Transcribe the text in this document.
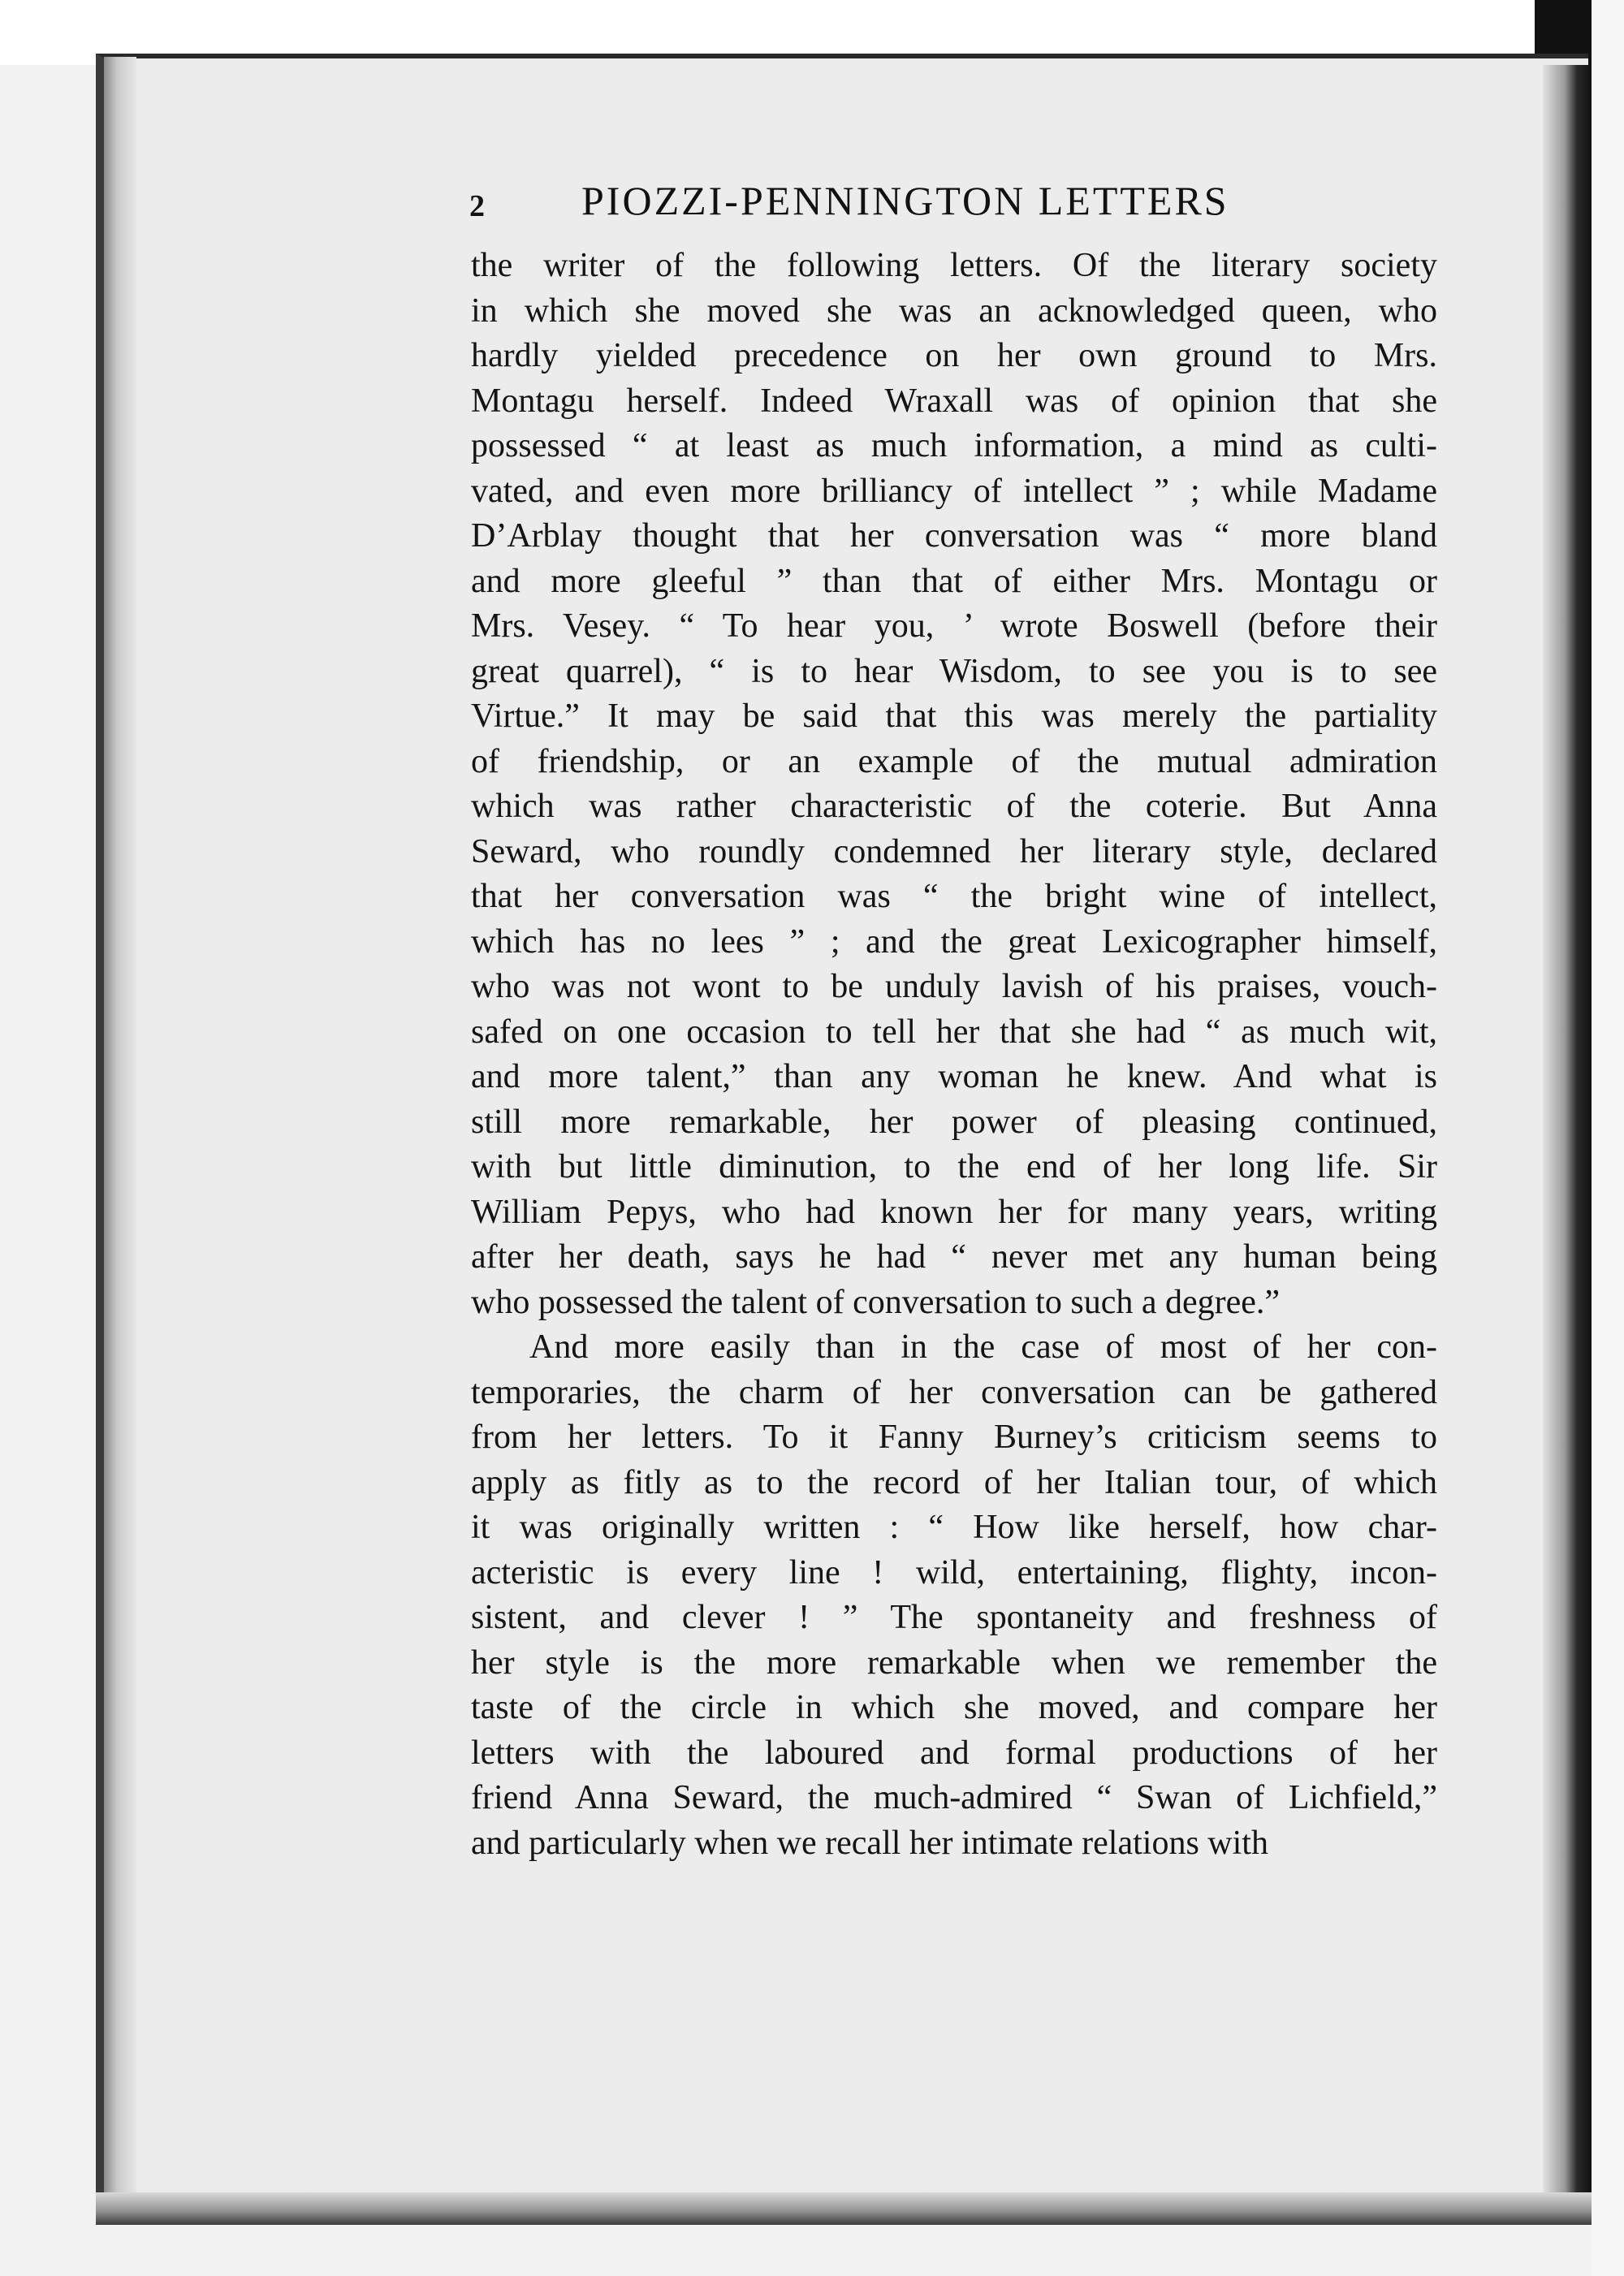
2 PIOZZI-PENNINGTON LETTERS
the writer of the following letters. Of the literary society
in which she moved she was an acknowledged queen, who
hardly yielded precedence on her own ground to Mrs.
Montagu herself. Indeed Wraxall was of opinion that she
possessed “ at least as much information, a mind as culti-
vated, and even more brilliancy of intellect ” ; while Madame
D’Arblay thought that her conversation was “ more bland
and more gleeful ” than that of either Mrs. Montagu or
Mrs. Vesey. “ To hear you, ’ wrote Boswell (before their
great quarrel), “ is to hear Wisdom, to see you is to see
Virtue.” It may be said that this was merely the partiality
of friendship, or an example of the mutual admiration
which was rather characteristic of the coterie. But Anna
Seward, who roundly condemned her literary style, declared
that her conversation was “ the bright wine of intellect,
which has no lees ” ; and the great Lexicographer himself,
who was not wont to be unduly lavish of his praises, vouch-
safed on one occasion to tell her that she had “ as much wit,
and more talent,” than any woman he knew. And what is
still more remarkable, her power of pleasing continued,
with but little diminution, to the end of her long life. Sir
William Pepys, who had known her for many years, writing
after her death, says he had “ never met any human being
who possessed the talent of conversation to such a degree.”
And more easily than in the case of most of her con-
temporaries, the charm of her conversation can be gathered
from her letters. To it Fanny Burney’s criticism seems to
apply as fitly as to the record of her Italian tour, of which
it was originally written : “ How like herself, how char-
acteristic is every line ! wild, entertaining, flighty, incon-
sistent, and clever ! ” The spontaneity and freshness of
her style is the more remarkable when we remember the
taste of the circle in which she moved, and compare her
letters with the laboured and formal productions of her
friend Anna Seward, the much-admired “ Swan of Lichfield,”
and particularly when we recall her intimate relations with
